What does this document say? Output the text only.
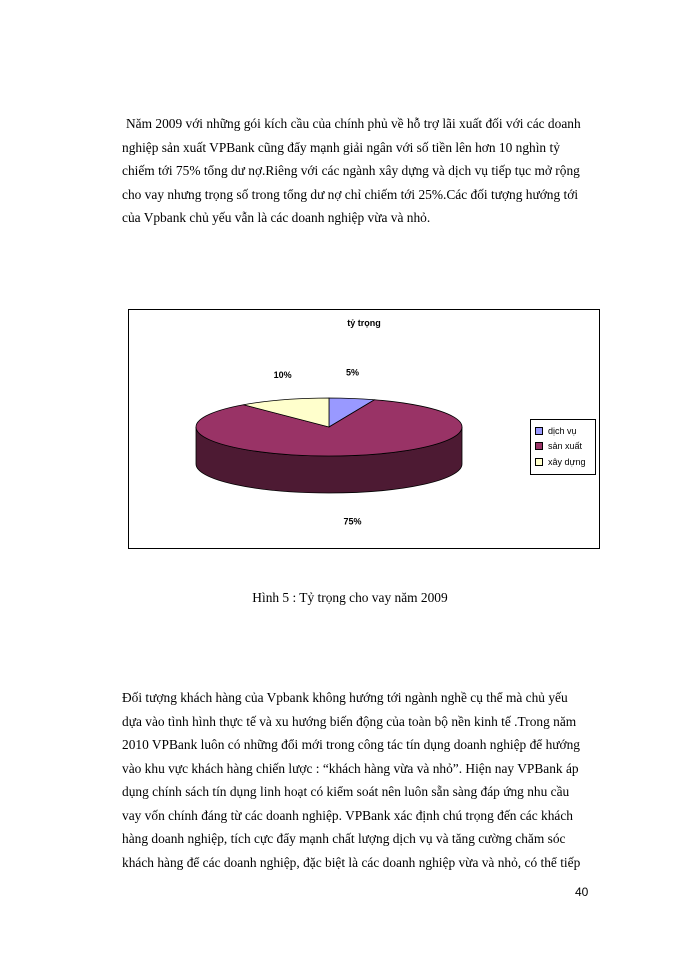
Năm 2009 với những gói kích cầu của chính phủ về hỗ trợ lãi xuất đối với các doanh
nghiệp sản xuất VPBank cũng đẩy mạnh giải ngân với số tiền lên hơn 10 nghìn tỷ
chiếm tới 75% tổng dư nợ.Riêng với các ngành xây dựng và dịch vụ tiếp tục mở rộng
cho vay nhưng trọng số trong tổng dư nợ chỉ chiếm tới 25%.Các đối tượng hướng tới
của Vpbank chủ yếu vẫn là các doanh nghiệp vừa và nhỏ.
tỷ trọng
5%
75%
10%
dịch vụ
sản xuất
xây dựng
Hình 5 : Tỷ trọng cho vay năm 2009
Đối tượng khách hàng của Vpbank không hướng tới ngành nghề cụ thể mà chủ yếu
dựa vào tình hình thực tế và xu hướng biến động của toàn bộ nền kinh tế .Trong năm
2010 VPBank luôn có những đổi mới trong công tác tín dụng doanh nghiệp để hướng
vào khu vực khách hàng chiến lược : “khách hàng vừa và nhỏ”. Hiện nay VPBank áp
dụng chính sách tín dụng linh hoạt có kiểm soát nên luôn sẵn sàng đáp ứng nhu cầu
vay vốn chính đáng từ các doanh nghiệp. VPBank xác định chú trọng đến các khách
hàng doanh nghiệp, tích cực đẩy mạnh chất lượng dịch vụ và tăng cường chăm sóc
khách hàng để các doanh nghiệp, đặc biệt là các doanh nghiệp vừa và nhỏ, có thể tiếp
40
